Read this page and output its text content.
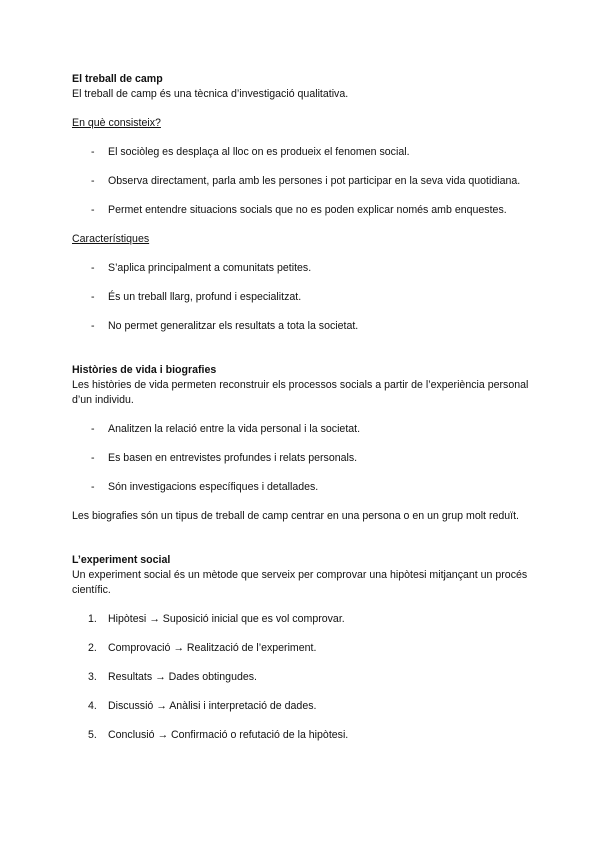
El treball de camp
El treball de camp és una tècnica d’investigació qualitativa.
En què consisteix?
- El sociòleg es desplaça al lloc on es produeix el fenomen social.
- Observa directament, parla amb les persones i pot participar en la seva vida quotidiana.
- Permet entendre situacions socials que no es poden explicar només amb enquestes.
Característiques
- S’aplica principalment a comunitats petites.
- És un treball llarg, profund i especialitzat.
- No permet generalitzar els resultats a tota la societat.
Històries de vida i biografies
Les històries de vida permeten reconstruir els processos socials a partir de l’experiència personal d’un individu.
- Analitzen la relació entre la vida personal i la societat.
- Es basen en entrevistes profundes i relats personals.
- Són investigacions específiques i detallades.
Les biografies són un tipus de treball de camp centrar en una persona o en un grup molt reduït.
L’experiment social
Un experiment social és un mètode que serveix per comprovar una hipòtesi mitjançant un procés científic.
1. Hipòtesi → Suposició inicial que es vol comprovar.
2. Comprovació → Realització de l’experiment.
3. Resultats → Dades obtingudes.
4. Discussió → Anàlisi i interpretació de dades.
5. Conclusió → Confirmació o refutació de la hipòtesi.
